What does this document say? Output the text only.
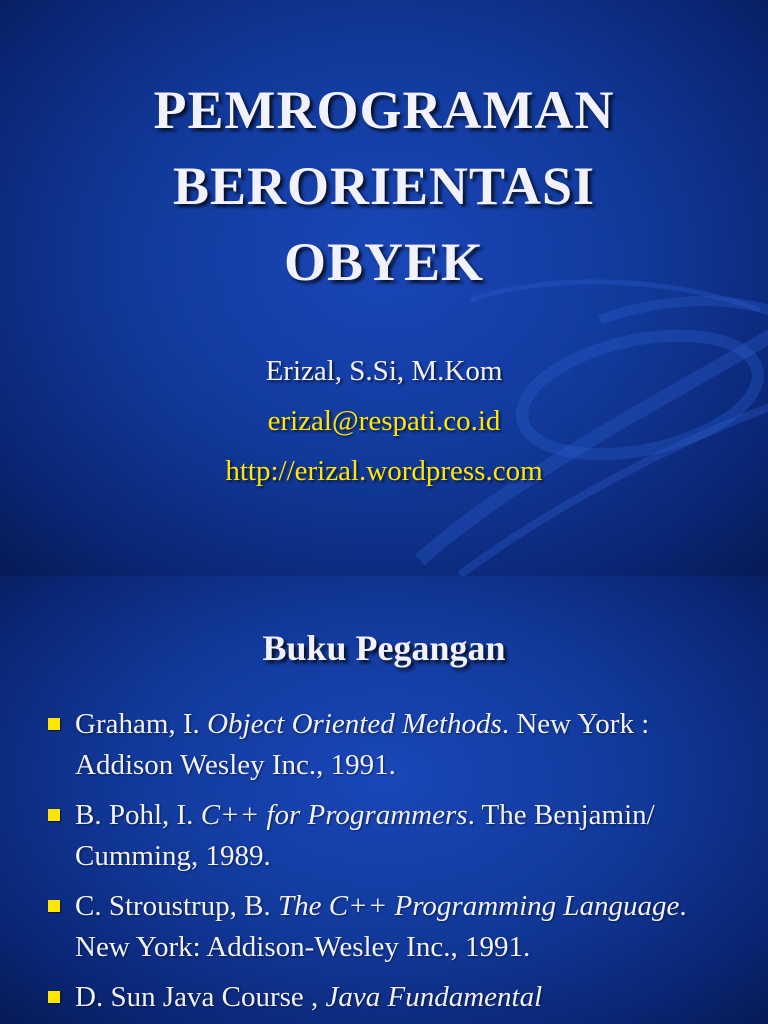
PEMROGRAMAN
BERORIENTASI
OBYEK
Erizal, S.Si, M.Kom
erizal@respati.co.id
http://erizal.wordpress.com
Buku Pegangan
Graham, I. Object Oriented Methods. New York : Addison Wesley Inc., 1991.
B. Pohl, I. C++ for Programmers. The Benjamin/ Cumming, 1989.
C. Stroustrup, B. The C++ Programming Language. New York: Addison-Wesley Inc., 1991.
D. Sun Java Course , Java Fundamental
